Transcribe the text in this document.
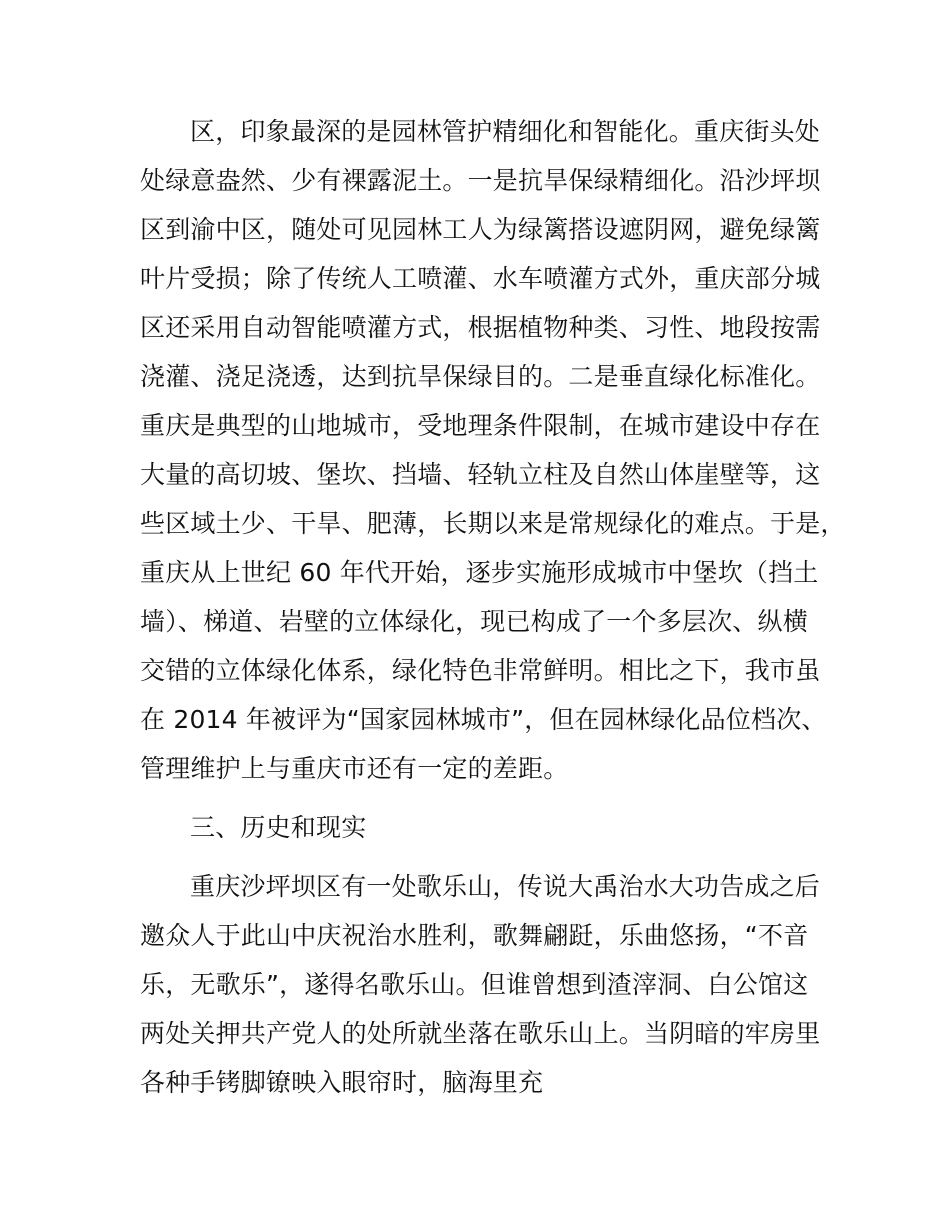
区，印象最深的是园林管护精细化和智能化。重庆街头处
处绿意盎然、少有裸露泥土。一是抗旱保绿精细化。沿沙坪坝
区到渝中区，随处可见园林工人为绿篱搭设遮阴网，避免绿篱
叶片受损；除了传统人工喷灌、水车喷灌方式外，重庆部分城
区还采用自动智能喷灌方式，根据植物种类、习性、地段按需
浇灌、浇足浇透，达到抗旱保绿目的。二是垂直绿化标准化。
重庆是典型的山地城市，受地理条件限制，在城市建设中存在
大量的高切坡、堡坎、挡墙、轻轨立柱及自然山体崖壁等，这
些区域土少、干旱、肥薄，长期以来是常规绿化的难点。于是，
重庆从上世纪 60 年代开始，逐步实施形成城市中堡坎（挡土
墙）、梯道、岩壁的立体绿化，现已构成了一个多层次、纵横
交错的立体绿化体系，绿化特色非常鲜明。相比之下，我市虽
在 2014 年被评为“国家园林城市”，但在园林绿化品位档次、
管理维护上与重庆市还有一定的差距。
三、历史和现实
重庆沙坪坝区有一处歌乐山，传说大禹治水大功告成之后
邀众人于此山中庆祝治水胜利，歌舞翩跹，乐曲悠扬，“不音
乐，无歌乐”，遂得名歌乐山。但谁曾想到渣滓洞、白公馆这
两处关押共产党人的处所就坐落在歌乐山上。当阴暗的牢房里
各种手铐脚镣映入眼帘时，脑海里充
